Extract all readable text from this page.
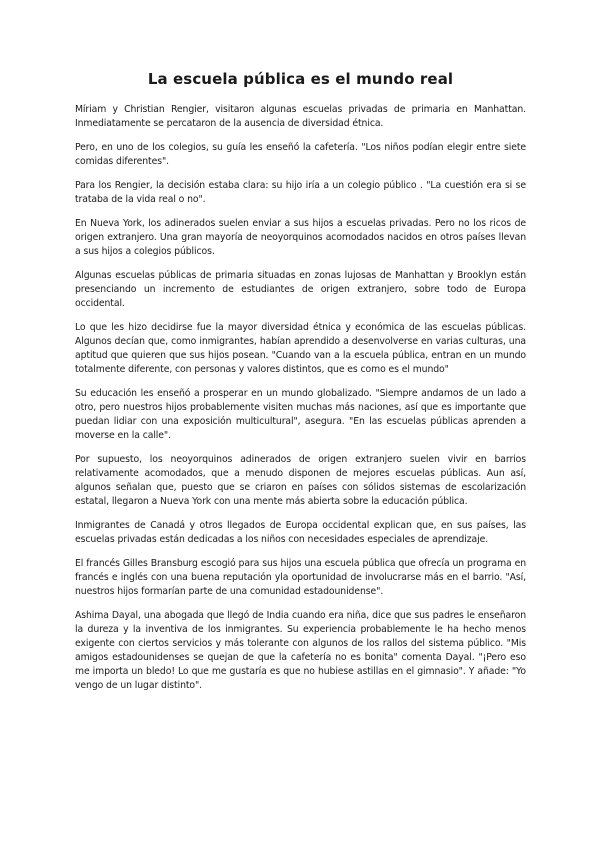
La escuela pública es el mundo real

Míriam y Christian Rengier, visitaron algunas escuelas privadas de primaria en Manhattan. Inmediatamente se percataron de la ausencia de diversidad étnica.

Pero, en uno de los colegios, su guía les enseñó la cafetería. "Los niños podían elegir entre siete comidas diferentes".

Para los Rengier, la decisión estaba clara: su hijo iría a un colegio público . "La cuestión era si se trataba de la vida real o no".

En Nueva York, los adinerados suelen enviar a sus hijos a escuelas privadas. Pero no los ricos de origen extranjero. Una gran mayoría de neoyorquinos acomodados nacidos en otros países llevan a sus hijos a colegios públicos.

Algunas escuelas públicas de primaria situadas en zonas lujosas de Manhattan y Brooklyn están presenciando un incremento de estudiantes de origen extranjero, sobre todo de Europa occidental.

Lo que les hizo decidirse fue la mayor diversidad étnica y económica de las escuelas públicas. Algunos decían que, como inmigrantes, habían aprendido a desenvolverse en varias culturas, una aptitud que quieren que sus hijos posean. "Cuando van a la escuela pública, entran en un mundo totalmente diferente, con personas y valores distintos, que es como es el mundo"

Su educación les enseñó a prosperar en un mundo globalizado. "Siempre andamos de un lado a otro, pero nuestros hijos probablemente visiten muchas más naciones, así que es importante que puedan lidiar con una exposición multicultural", asegura. "En las escuelas públicas aprenden a moverse en la calle".

Por supuesto, los neoyorquinos adinerados de origen extranjero suelen vivir en barrios relativamente acomodados, que a menudo disponen de mejores escuelas públicas. Aun así, algunos señalan que, puesto que se criaron en países con sólidos sistemas de escolarización estatal, llegaron a Nueva York con una mente más abierta sobre la educación pública.

Inmigrantes de Canadá y otros llegados de Europa occidental explican que, en sus países, las escuelas privadas están dedicadas a los niños con necesidades especiales de aprendizaje.

El francés Gilles Bransburg escogió para sus hijos una escuela pública que ofrecía un programa en francés e inglés con una buena reputación yla oportunidad de involucrarse más en el barrio. "Así, nuestros hijos formarían parte de una comunidad estadounidense".

Ashima Dayal, una abogada que llegó de India cuando era niña, dice que sus padres le enseñaron la dureza y la inventiva de los inmigrantes. Su experiencia probablemente le ha hecho menos exigente con ciertos servicios y más tolerante con algunos de los rallos del sistema público. "Mis amigos estadounidenses se quejan de que la cafetería no es bonita" comenta Dayal. "¡Pero eso me importa un bledo! Lo que me gustaría es que no hubiese astillas en el gimnasio". Y añade: "Yo vengo de un lugar distinto".
